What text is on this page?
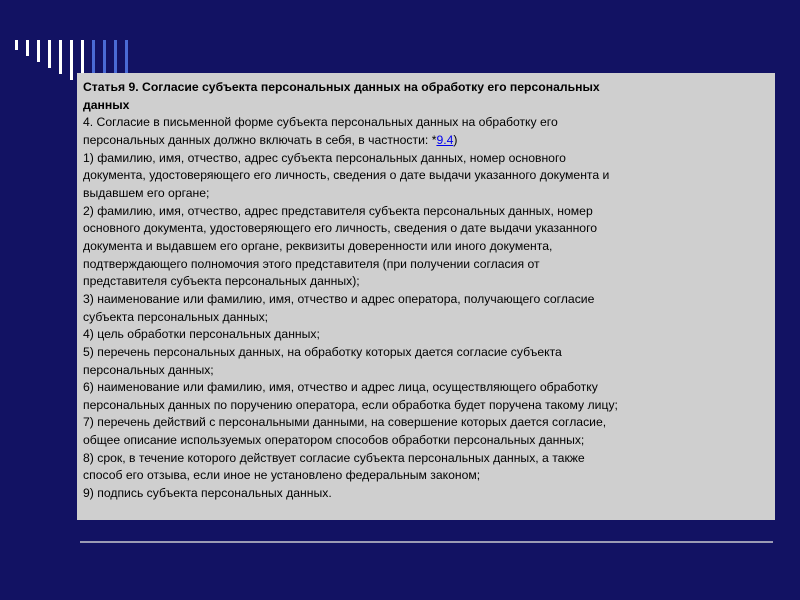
Статья 9. Согласие субъекта персональных данных на обработку его персональных
данных
4. Согласие в письменной форме субъекта персональных данных на обработку его
персональных данных должно включать в себя, в частности: *9.4)
1) фамилию, имя, отчество, адрес субъекта персональных данных, номер основного
документа, удостоверяющего его личность, сведения о дате выдачи указанного документа и
выдавшем его органе;
2) фамилию, имя, отчество, адрес представителя субъекта персональных данных, номер
основного документа, удостоверяющего его личность, сведения о дате выдачи указанного
документа и выдавшем его органе, реквизиты доверенности или иного документа,
подтверждающего полномочия этого представителя (при получении согласия от
представителя субъекта персональных данных);
3) наименование или фамилию, имя, отчество и адрес оператора, получающего согласие
субъекта персональных данных;
4) цель обработки персональных данных;
5) перечень персональных данных, на обработку которых дается согласие субъекта
персональных данных;
6) наименование или фамилию, имя, отчество и адрес лица, осуществляющего обработку
персональных данных по поручению оператора, если обработка будет поручена такому лицу;
7) перечень действий с персональными данными, на совершение которых дается согласие,
общее описание используемых оператором способов обработки персональных данных;
8) срок, в течение которого действует согласие субъекта персональных данных, а также
способ его отзыва, если иное не установлено федеральным законом;
9) подпись субъекта персональных данных.
